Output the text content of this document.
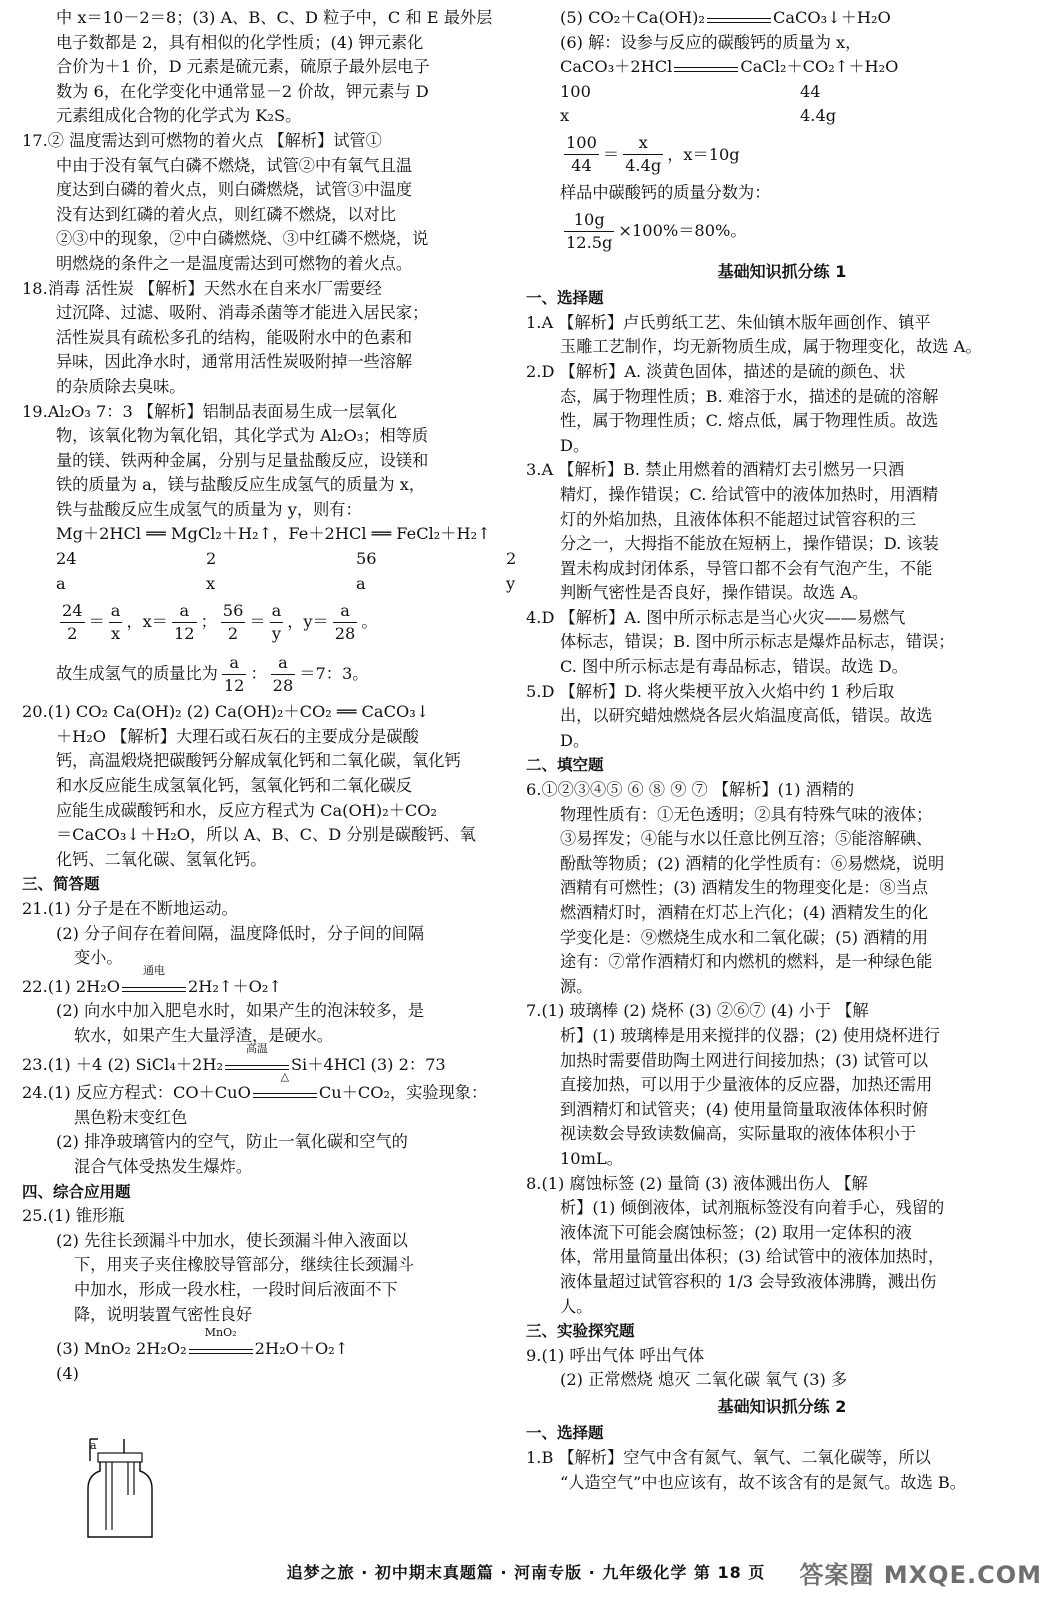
中 x＝10－2＝8；(3) A、B、C、D 粒子中，C 和 E 最外层

电子数都是 2，具有相似的化学性质；(4) 钾元素化

合价为＋1 价，D 元素是硫元素，硫原子最外层电子

数为 6，在化学变化中通常显－2 价故，钾元素与 D

元素组成化合物的化学式为 K₂S。

17.② 温度需达到可燃物的着火点 【解析】试管①

中由于没有氧气白磷不燃烧，试管②中有氧气且温

度达到白磷的着火点，则白磷燃烧，试管③中温度

没有达到红磷的着火点，则红磷不燃烧，以对比

②③中的现象，②中白磷燃烧、③中红磷不燃烧，说

明燃烧的条件之一是温度需达到可燃物的着火点。

18.消毒 活性炭 【解析】天然水在自来水厂需要经

过沉降、过滤、吸附、消毒杀菌等才能进入居民家；

活性炭具有疏松多孔的结构，能吸附水中的色素和

异味，因此净水时，通常用活性炭吸附掉一些溶解

的杂质除去臭味。

19.Al₂O₃ 7：3 【解析】铝制品表面易生成一层氧化

物，该氧化物为氧化铝，其化学式为 Al₂O₃；相等质

量的镁、铁两种金属，分别与足量盐酸反应，设镁和

铁的质量为 a，镁与盐酸反应生成氢气的质量为 x，

铁与盐酸反应生成氢气的质量为 y，则有：

Mg＋2HCl ══ MgCl₂＋H₂↑，Fe＋2HCl ══ FeCl₂＋H₂↑

24	2	56	2
a	x	a	y
$\frac{24}{2} = \frac{a}{x}$ ，$x= \frac{a}{12}$ ； $\frac{56}{2} = \frac{a}{y}$ ，$y= \frac{a}{28}$ 。
故生成氢气的质量比为 $\frac{a}{12}$ ： $\frac{a}{28} =7$：3。

20.(1) CO₂ Ca(OH)₂ (2) Ca(OH)₂＋CO₂ ══ CaCO₃↓

＋H₂O 【解析】大理石或石灰石的主要成分是碳酸

钙，高温煅烧把碳酸钙分解成氧化钙和二氧化碳，氧化钙

和水反应能生成氢氧化钙，氢氧化钙和二氧化碳反

应能生成碳酸钙和水，反应方程式为 Ca(OH)₂＋CO₂

＝CaCO₃↓＋H₂O，所以 A、B、C、D 分别是碳酸钙、氧

化钙、二氧化碳、氢氧化钙。

三、简答题

21.(1) 分子是在不断地运动。

(2) 分子间存在着间隔，温度降低时，分子间的间隔

变小。

22.(1) 2H₂O
通电
2H₂↑＋O₂↑

(2) 向水中加入肥皂水时，如果产生的泡沫较多，是

软水，如果产生大量浮渣，是硬水。

23.(1) ＋4 (2) SiCl₄＋2H₂
高温
Si＋4HCl (3) 2：73

24.(1) 反应方程式：CO＋CuO
△
Cu＋CO₂，实验现象：

黑色粉末变红色

(2) 排净玻璃管内的空气，防止一氧化碳和空气的

混合气体受热发生爆炸。

四、综合应用题

25.(1) 锥形瓶

(2) 先往长颈漏斗中加水，使长颈漏斗伸入液面以

下，用夹子夹住橡胶导管部分，继续往长颈漏斗

中加水，形成一段水柱，一段时间后液面不下

降，说明装置气密性良好

(3) MnO₂ 2H₂O₂
MnO₂
2H₂O＋O₂↑

(4)

a

(5) CO₂＋Ca(OH)₂	CaCO₃↓＋H₂O

(6) 解：设参与反应的碳酸钙的质量为 x，

CaCO₃＋2HCl	CaCl₂＋CO₂↑＋H₂O

100	44
x	4.4g
$\frac{100}{44} = \frac{x}{4.4g}$ ，x＝10g

样品中碳酸钙的质量分数为：

$\frac{10g}{12.5g} \times 100\%=80\%$。

基础知识抓分练 1

一、选择题

1.A 【解析】卢氏剪纸工艺、朱仙镇木版年画创作、镇平

玉雕工艺制作，均无新物质生成，属于物理变化，故选 A。

2.D 【解析】A. 淡黄色固体，描述的是硫的颜色、状

态，属于物理性质；B. 难溶于水，描述的是硫的溶解

性，属于物理性质；C. 熔点低，属于物理性质。故选

D。

3.A 【解析】B. 禁止用燃着的酒精灯去引燃另一只酒

精灯，操作错误；C. 给试管中的液体加热时，用酒精

灯的外焰加热，且液体体积不能超过试管容积的三

分之一，大拇指不能放在短柄上，操作错误；D. 该装

置未构成封闭体系，导管口都不会有气泡产生，不能

判断气密性是否良好，操作错误。故选 A。

4.D 【解析】A. 图中所示标志是当心火灾——易燃气

体标志，错误；B. 图中所示标志是爆炸品标志，错误；

C. 图中所示标志是有毒品标志，错误。故选 D。

5.D 【解析】D. 将火柴梗平放入火焰中约 1 秒后取

出，以研究蜡烛燃烧各层火焰温度高低，错误。故选

D。

二、填空题

6.①②③④⑤ ⑥ ⑧ ⑨ ⑦ 【解析】(1) 酒精的

物理性质有：①无色透明；②具有特殊气味的液体；

③易挥发；④能与水以任意比例互溶；⑤能溶解碘、

酚酞等物质；(2) 酒精的化学性质有：⑥易燃烧，说明

酒精有可燃性；(3) 酒精发生的物理变化是：⑧当点

燃酒精灯时，酒精在灯芯上汽化；(4) 酒精发生的化

学变化是：⑨燃烧生成水和二氧化碳；(5) 酒精的用

途有：⑦常作酒精灯和内燃机的燃料，是一种绿色能

源。

7.(1) 玻璃棒 (2) 烧杯 (3) ②⑥⑦ (4) 小于 【解

析】(1) 玻璃棒是用来搅拌的仪器；(2) 使用烧杯进行

加热时需要借助陶土网进行间接加热；(3) 试管可以

直接加热，可以用于少量液体的反应器，加热还需用

到酒精灯和试管夹；(4) 使用量筒量取液体体积时俯

视读数会导致读数偏高，实际量取的液体体积小于

10mL。

8.(1) 腐蚀标签 (2) 量筒 (3) 液体溅出伤人 【解

析】(1) 倾倒液体，试剂瓶标签没有向着手心，残留的

液体流下可能会腐蚀标签；(2) 取用一定体积的液

体，常用量筒量出体积；(3) 给试管中的液体加热时，

液体量超过试管容积的 1/3 会导致液体沸腾，溅出伤

人。

三、实验探究题

9.(1) 呼出气体 呼出气体

(2) 正常燃烧 熄灭 二氧化碳 氧气 (3) 多

基础知识抓分练 2

一、选择题

1.B 【解析】空气中含有氮气、氧气、二氧化碳等，所以

“人造空气”中也应该有，故不该含有的是氮气。故选 B。

追梦之旅 · 初中期末真题篇 · 河南专版 · 九年级化学 第 18 页	答案圈 MXQE.COM
